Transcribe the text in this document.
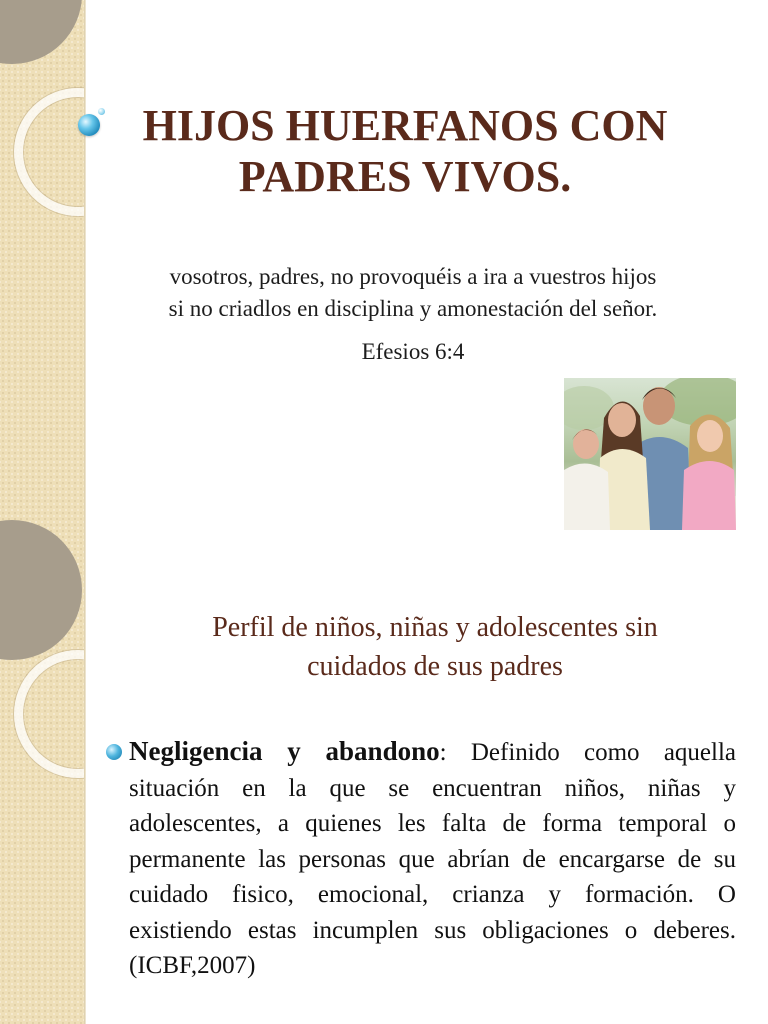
HIJOS HUERFANOS CON
PADRES VIVOS.

vosotros, padres, no provoquéis a ira a vuestros hijos
si no criadlos en disciplina y amonestación del señor.

Efesios 6:4

Perfil de niños, niñas y adolescentes sin
cuidados de sus padres

Negligencia y abandono: Definido como aquella situación en la que se encuentran niños, niñas y adolescentes, a quienes les falta de forma temporal o permanente las personas que abrían de encargarse de su cuidado fisico, emocional, crianza y formación. O existiendo estas incumplen sus obligaciones o deberes. (ICBF,2007)
